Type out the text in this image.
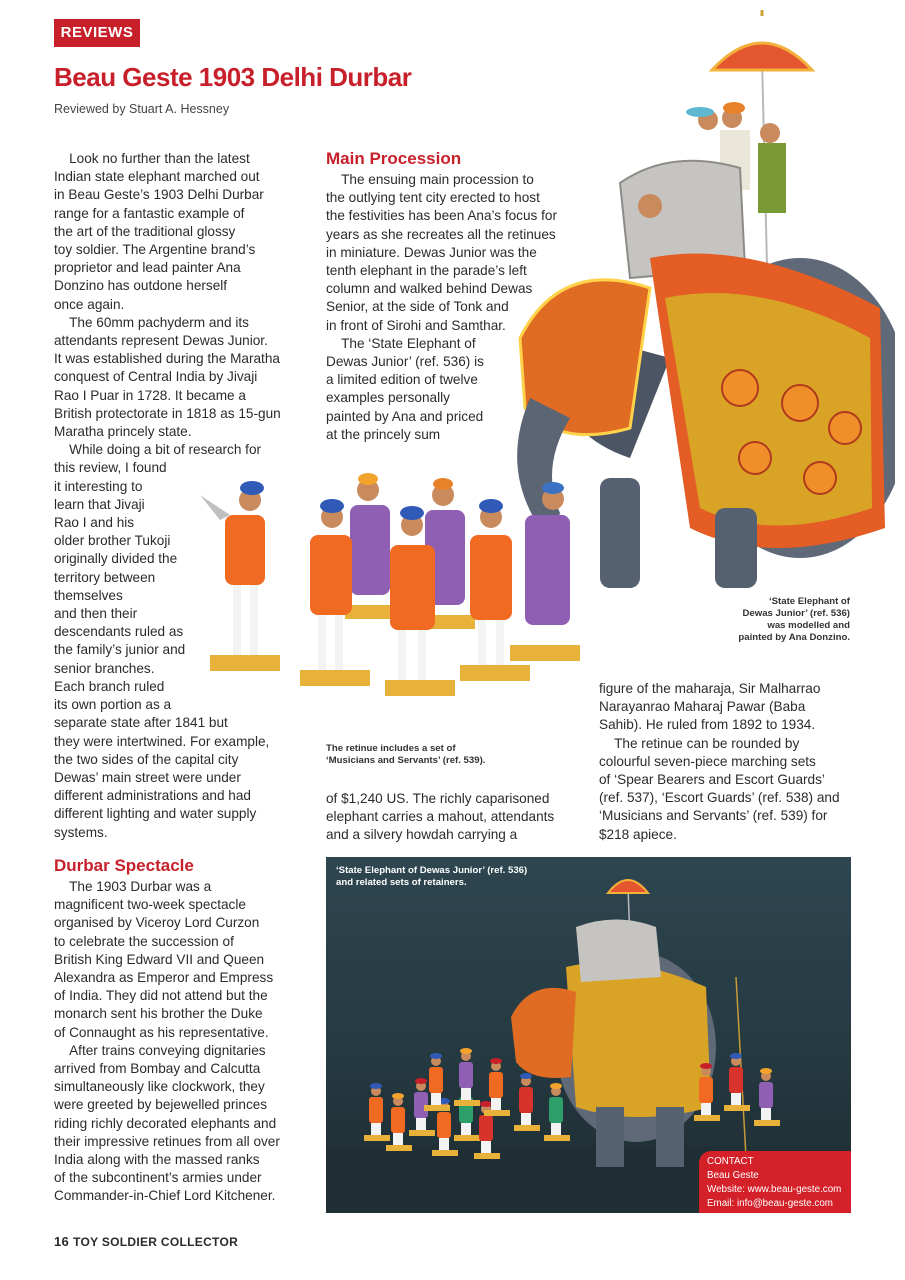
REVIEWS
Beau Geste 1903 Delhi Durbar
Reviewed by Stuart A. Hessney
Look no further than the latest
Indian state elephant marched out
in Beau Geste’s 1903 Delhi Durbar
range for a fantastic example of
the art of the traditional glossy
toy soldier. The Argentine brand’s
proprietor and lead painter Ana
Donzino has outdone herself
once again.
The 60mm pachyderm and its
attendants represent Dewas Junior.
It was established during the Maratha
conquest of Central India by Jivaji
Rao I Puar in 1728. It became a
British protectorate in 1818 as 15-gun
Maratha princely state.
While doing a bit of research for
this review, I found
it interesting to
learn that Jivaji
Rao I and his
older brother Tukoji
originally divided the
territory between
themselves
and then their
descendants ruled as
the family’s junior and
senior branches.
Each branch ruled
its own portion as a
separate state after 1841 but
they were intertwined. For example,
the two sides of the capital city
Dewas’ main street were under
different administrations and had
different lighting and water supply
systems.
Durbar Spectacle
The 1903 Durbar was a
magnificent two-week spectacle
organised by Viceroy Lord Curzon
to celebrate the succession of
British King Edward VII and Queen
Alexandra as Emperor and Empress
of India. They did not attend but the
monarch sent his brother the Duke
of Connaught as his representative.
After trains conveying dignitaries
arrived from Bombay and Calcutta
simultaneously like clockwork, they
were greeted by bejewelled princes
riding richly decorated elephants and
their impressive retinues from all over
India along with the massed ranks
of the subcontinent’s armies under
Commander-in-Chief Lord Kitchener.
Main Procession
The ensuing main procession to
the outlying tent city erected to host
the festivities has been Ana’s focus for
years as she recreates all the retinues
in miniature. Dewas Junior was the
tenth elephant in the parade’s left
column and walked behind Dewas
Senior, at the side of Tonk and
in front of Sirohi and Samthar.
The ‘State Elephant of
Dewas Junior’ (ref. 536) is
a limited edition of twelve
examples personally
painted by Ana and priced
at the princely sum
of $1,240 US. The richly caparisoned
elephant carries a mahout, attendants
and a silvery howdah carrying a
figure of the maharaja, Sir Malharrao
Narayanrao Maharaj Pawar (Baba
Sahib). He ruled from 1892 to 1934.
The retinue can be rounded by
colourful seven-piece marching sets
of ‘Spear Bearers and Escort Guards’
(ref. 537), ‘Escort Guards’ (ref. 538) and
‘Musicians and Servants’ (ref. 539) for
$218 apiece.
‘State Elephant of
Dewas Junior’ (ref. 536)
was modelled and
painted by Ana Donzino.
The retinue includes a set of
‘Musicians and Servants’ (ref. 539).
‘State Elephant of Dewas Junior’ (ref. 536)
and related sets of retainers.
CONTACT
Beau Geste
Website: www.beau-geste.com
Email: info@beau-geste.com
16 TOY SOLDIER COLLECTOR
